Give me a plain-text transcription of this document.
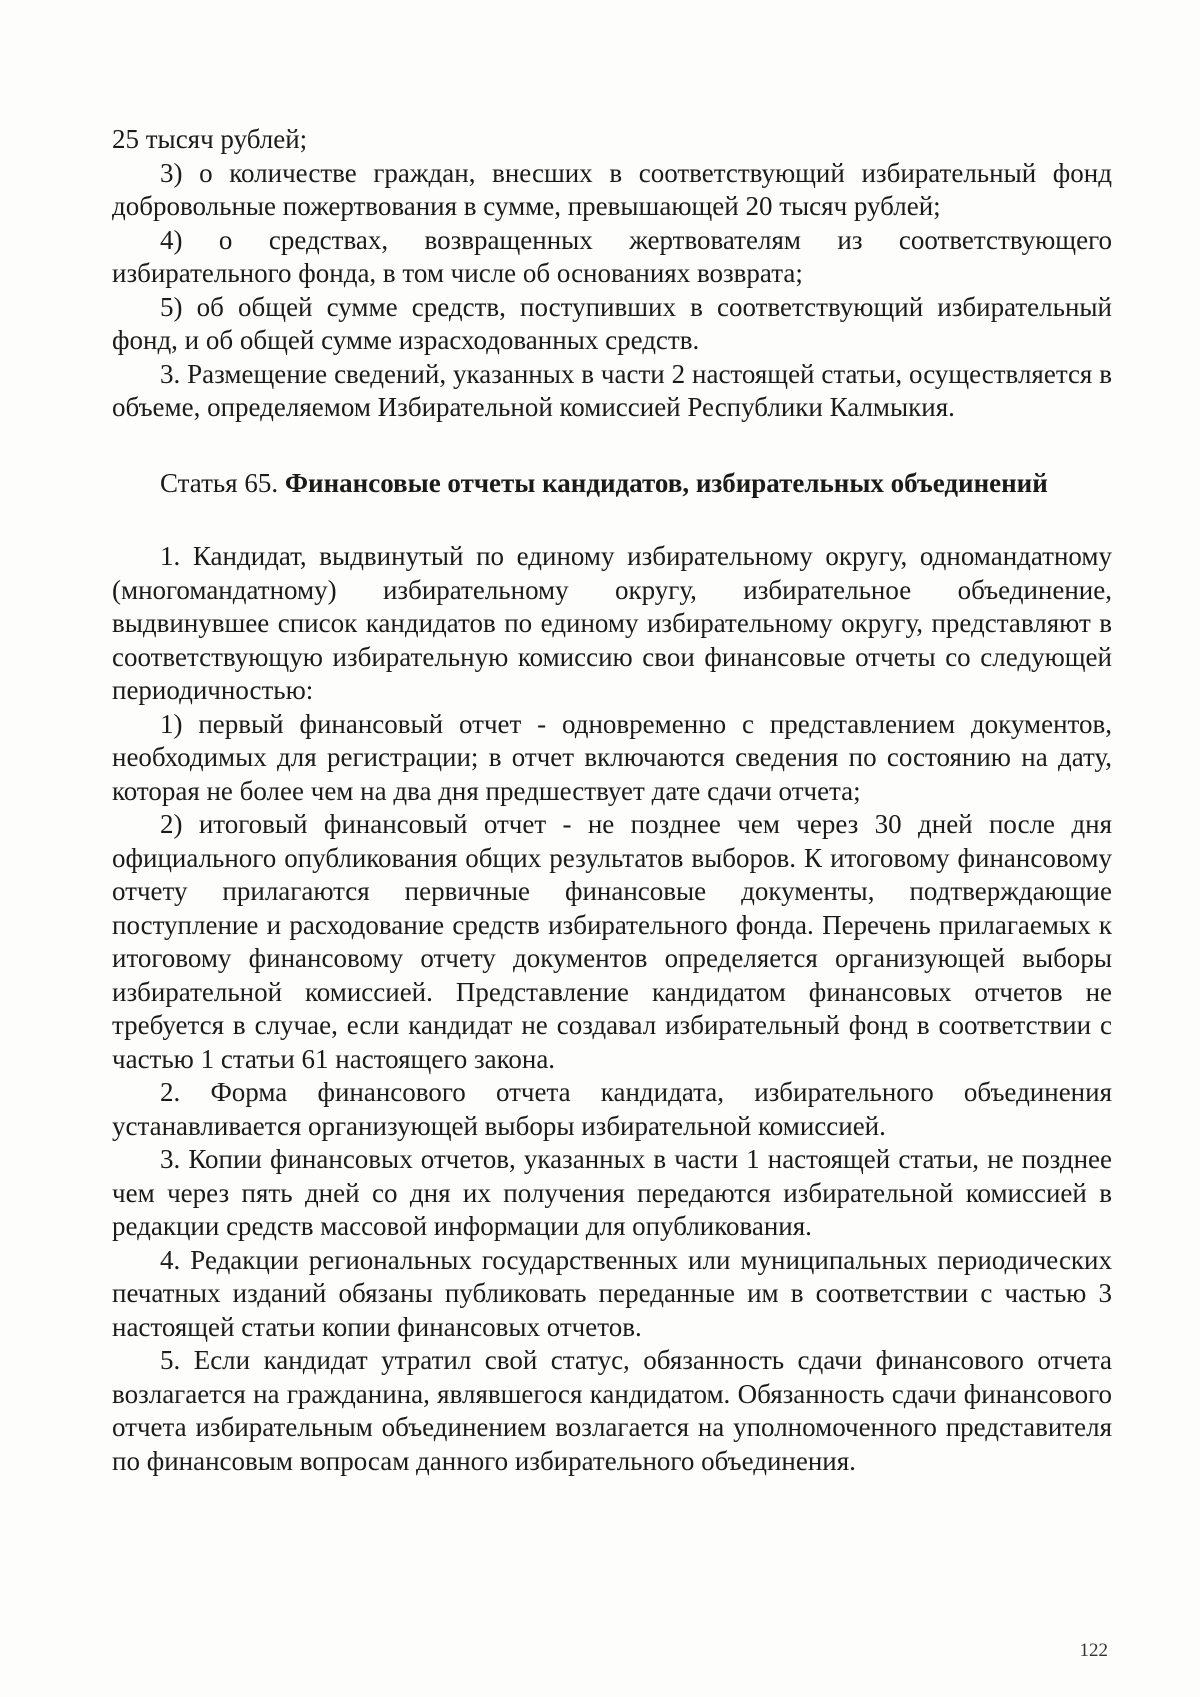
25 тысяч рублей;

3) о количестве граждан, внесших в соответствующий избирательный фонд добровольные пожертвования в сумме, превышающей 20 тысяч рублей;

4) о средствах, возвращенных жертвователям из соответствующего избирательного фонда, в том числе об основаниях возврата;

5) об общей сумме средств, поступивших в соответствующий избирательный фонд, и об общей сумме израсходованных средств.

3. Размещение сведений, указанных в части 2 настоящей статьи, осуществляется в объеме, определяемом Избирательной комиссией Республики Калмыкия.

Статья 65. Финансовые отчеты кандидатов, избирательных объединений

1. Кандидат, выдвинутый по единому избирательному округу, одномандатному (многомандатному) избирательному округу, избирательное объединение, выдвинувшее список кандидатов по единому избирательному округу, представляют в соответствующую избирательную комиссию свои финансовые отчеты со следующей периодичностью:

1) первый финансовый отчет - одновременно с представлением документов, необходимых для регистрации; в отчет включаются сведения по состоянию на дату, которая не более чем на два дня предшествует дате сдачи отчета;

2) итоговый финансовый отчет - не позднее чем через 30 дней после дня официального опубликования общих результатов выборов. К итоговому финансовому отчету прилагаются первичные финансовые документы, подтверждающие поступление и расходование средств избирательного фонда. Перечень прилагаемых к итоговому финансовому отчету документов определяется организующей выборы избирательной комиссией. Представление кандидатом финансовых отчетов не требуется в случае, если кандидат не создавал избирательный фонд в соответствии с частью 1 статьи 61 настоящего закона.

2. Форма финансового отчета кандидата, избирательного объединения устанавливается организующей выборы избирательной комиссией.

3. Копии финансовых отчетов, указанных в части 1 настоящей статьи, не позднее чем через пять дней со дня их получения передаются избирательной комиссией в редакции средств массовой информации для опубликования.

4. Редакции региональных государственных или муниципальных периодических печатных изданий обязаны публиковать переданные им в соответствии с частью 3 настоящей статьи копии финансовых отчетов.

5. Если кандидат утратил свой статус, обязанность сдачи финансового отчета возлагается на гражданина, являвшегося кандидатом. Обязанность сдачи финансового отчета избирательным объединением возлагается на уполномоченного представителя по финансовым вопросам данного избирательного объединения.

122
